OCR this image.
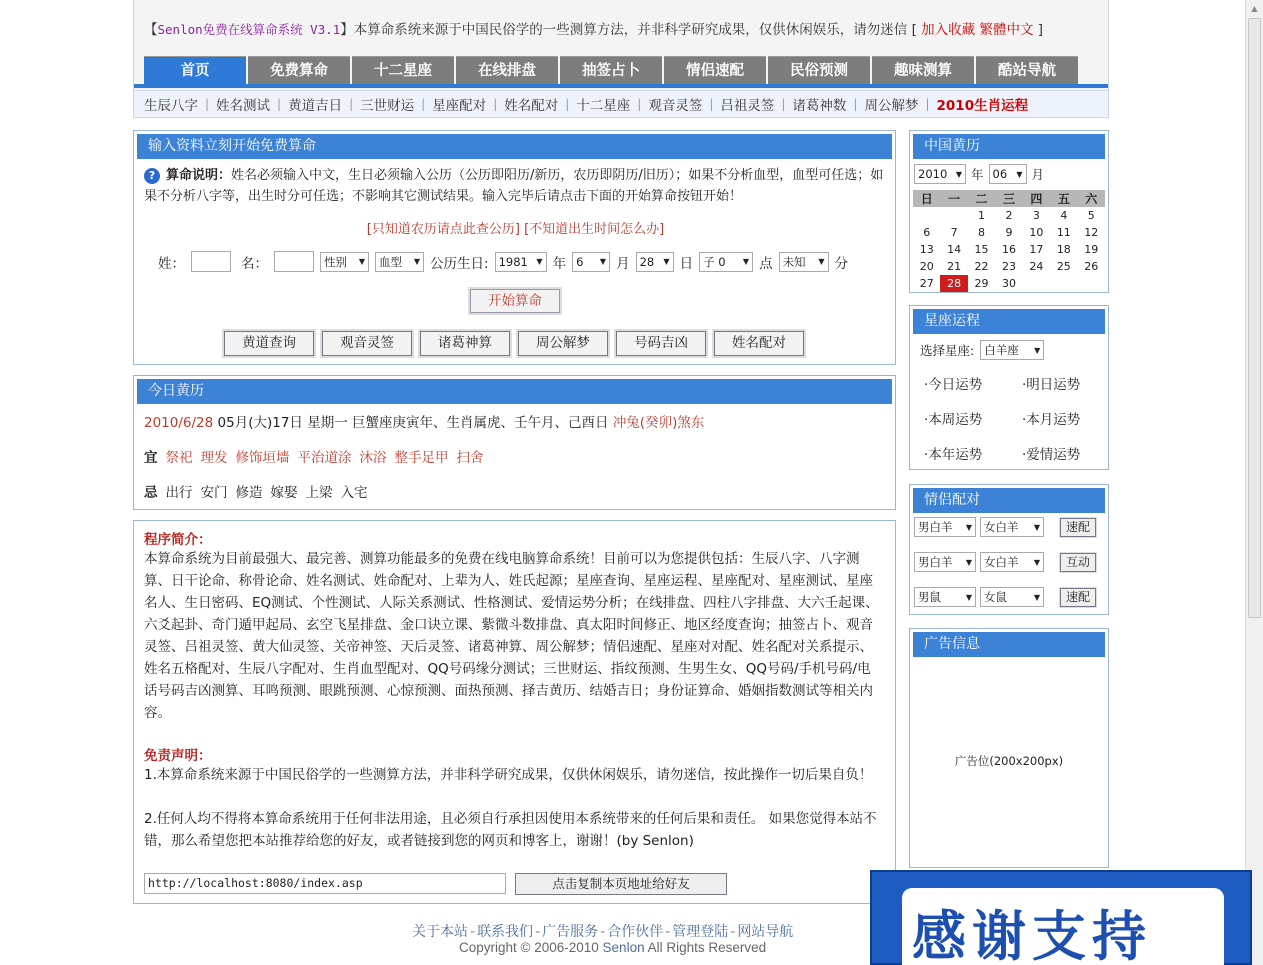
▲
【Senlon免费在线算命系统 V3.1】本算命系统来源于中国民俗学的一些测算方法，并非科学研究成果，仅供休闲娱乐，请勿迷信 [ 加入收藏 繁體中文 ]
首页	免费算命	十二星座	在线排盘	抽签占卜	情侣速配	民俗预测	趣味测算	酷站导航
生辰八字 | 姓名测试 | 黄道吉日 | 三世财运 | 星座配对 | 姓名配对 | 十二星座 | 观音灵签 | 吕祖灵签 | 诸葛神数 | 周公解梦 | 2010生肖运程
输入资料立刻开始免费算命
? 算命说明：姓名必须输入中文，生日必须输入公历（公历即阳历/新历，农历即阴历/旧历）；如果不分析血型，血型可任选；如果不分析八字等，出生时分可任选；不影响其它测试结果。输入完毕后请点击下面的开始算命按钮开始！
[只知道农历请点此查公历] [不知道出生时间怎么办]
姓：	名：	性别 ▼ 血型 ▼ 公历生日: 1981 ▼ 年 6 ▼ 月 28 ▼ 日 子 0 ▼ 点 未知 ▼ 分
开始算命
黄道查询	观音灵签	诸葛神算	周公解梦	号码吉凶	姓名配对
今日黄历
2010/6/28 05月(大)17日 星期一 巨蟹座庚寅年、生肖属虎、壬午月、己酉日 冲兔(癸卯)煞东
宜 祭祀 理发 修饰垣墙 平治道涂 沐浴 整手足甲 扫舍
忌 出行 安门 修造 嫁娶 上梁 入宅
程序简介：
本算命系统为目前最强大、最完善、测算功能最多的免费在线电脑算命系统！目前可以为您提供包括：生辰八字、八字测算、日干论命、称骨论命、姓名测试、姓命配对、上辈为人、姓氏起源；星座查询、星座运程、星座配对、星座测试、星座名人、生日密码、EQ测试、个性测试、人际关系测试、性格测试、爱情运势分析；在线排盘、四柱八字排盘、大六壬起课、六爻起卦、奇门遁甲起局、玄空飞星排盘、金口诀立课、紫微斗数排盘、真太阳时间修正、地区经度查询；抽签占卜、观音灵签、吕祖灵签、黄大仙灵签、关帝神签、天后灵签、诸葛神算、周公解梦；情侣速配、星座对对配、姓名配对关系提示、姓名五格配对、生辰八字配对、生肖血型配对、QQ号码缘分测试；三世财运、指纹预测、生男生女、QQ号码/手机号码/电话号码吉凶测算、耳鸣预测、眼跳预测、心惊预测、面热预测、择吉黄历、结婚吉日；身份证算命、婚姻指数测试等相关内容。
免责声明：
1.本算命系统来源于中国民俗学的一些测算方法，并非科学研究成果，仅供休闲娱乐，请勿迷信，按此操作一切后果自负！
2.任何人均不得将本算命系统用于任何非法用途，且必须自行承担因使用本系统带来的任何后果和责任。 如果您觉得本站不错，那么希望您把本站推荐给您的好友，或者链接到您的网页和博客上，谢谢！(by Senlon)
http://localhost:8080/index.asp	点击复制本页地址给好友
中国黄历
2010 ▼ 年 06 ▼ 月
日	一	二	三	四	五	六
		1	2	3	4	5
6	7	8	9	10	11	12
13	14	15	16	17	18	19
20	21	22	23	24	25	26
27	28	29	30			
星座运程
选择星座: 白羊座 ▼
·今日运势	·明日运势
·本周运势	·本月运势
·本年运势	·爱情运势
情侣配对
男白羊 ▼ 女白羊 ▼	速配
男白羊 ▼ 女白羊 ▼	互动
男鼠	▼ 女鼠	▼	速配
广告信息
广告位(200x200px)
关于本站 - 联系我们 - 广告服务 - 合作伙伴 - 管理登陆 - 网站导航
Copyright © 2006-2010 Senlon All Rights Reserved	感谢支持
